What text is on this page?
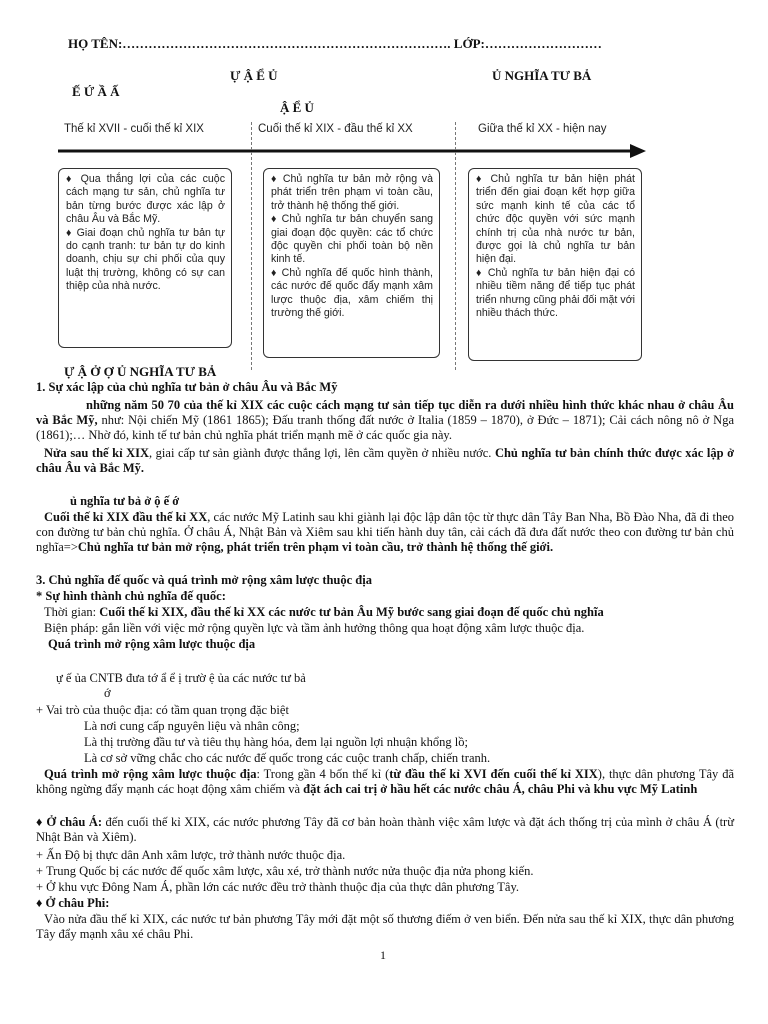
HỌ TÊN:…………………………………………………………………. LỚP:………………………
Ự Ậ Ể Ủ	Ủ NGHĨA TƯ BẢ
Ế Ứ Ầ Ấ
Ậ Ể Ủ
Thế kỉ XVII - cuối thế kỉ XIX	Cuối thế kỉ XIX - đầu thế kỉ XX	Giữa thế kỉ XX - hiện nay

♦ Qua thắng lợi của các cuộc cách mạng tư sản, chủ nghĩa tư bản từng bước được xác lập ở châu Âu và Bắc Mỹ.

♦ Giai đoạn chủ nghĩa tư bản tự do cạnh tranh: tư bản tự do kinh doanh, chịu sự chi phối của quy luật thị trường, không có sự can thiệp của nhà nước.

♦ Chủ nghĩa tư bản mở rộng và phát triển trên phạm vi toàn cầu, trở thành hệ thống thế giới.

♦ Chủ nghĩa tư bản chuyển sang giai đoạn độc quyền: các tổ chức độc quyền chi phối toàn bộ nền kinh tế.

♦ Chủ nghĩa đế quốc hình thành, các nước đế quốc đẩy mạnh xâm lược thuộc địa, xâm chiếm thị trường thế giới.

♦ Chủ nghĩa tư bản hiện phát triển đến giai đoạn kết hợp giữa sức mạnh kinh tế của các tổ chức độc quyền với sức mạnh chính trị của nhà nước tư bản, được gọi là chủ nghĩa tư bản hiện đại.

♦ Chủ nghĩa tư bản hiện đại có nhiều tiềm năng để tiếp tục phát triển nhưng cũng phải đối mặt với nhiều thách thức.

Ự Ậ Ở Ợ Ủ NGHĨA TƯ BẢ
1. Sự xác lập của chủ nghĩa tư bản ở châu Âu và Bắc Mỹ
những năm 50 70 của thế kỉ XIX các cuộc cách mạng tư sản tiếp tục diễn ra dưới nhiều hình thức khác nhau ở châu Âu và Bắc Mỹ, như: Nội chiến Mỹ (1861 1865); Đấu tranh thống đất nước ở Italia (1859 – 1870), ở Đức – 1871); Cải cách nông nô ở Nga (1861);… Nhờ đó, kinh tế tư bản chủ nghĩa phát triển mạnh mẽ ở các quốc gia này.
Nửa sau thế kỉ XIX, giai cấp tư sản giành được thắng lợi, lên cầm quyền ở nhiều nước. Chủ nghĩa tư bản chính thức được xác lập ở châu Âu và Bắc Mỹ.
ủ nghĩa tư bả ở ộ ế ớ
Cuối thế kỉ XIX đầu thế kỉ XX, các nước Mỹ Latinh sau khi giành lại độc lập dân tộc từ thực dân Tây Ban Nha, Bồ Đào Nha, đã đi theo con đường tư bản chủ nghĩa. Ở châu Á, Nhật Bản và Xiêm sau khi tiến hành duy tân, cải cách đã đưa đất nước theo con đường tư bản chủ nghĩa=>Chủ nghĩa tư bản mở rộng, phát triển trên phạm vi toàn cầu, trở thành hệ thống thế giới.
3. Chủ nghĩa đế quốc và quá trình mở rộng xâm lược thuộc địa
* Sự hình thành chủ nghĩa đế quốc:
Thời gian: Cuối thế kỉ XIX, đầu thế kỉ XX các nước tư bản Âu Mỹ bước sang giai đoạn đế quốc chủ nghĩa
Biện pháp: gắn liền với việc mở rộng quyền lực và tầm ảnh hưởng thông qua hoạt động xâm lược thuộc địa.
Quá trình mở rộng xâm lược thuộc địa
ự ế ủa CNTB đưa tớ ẩ ể ị trườ ệ ủa các nước tư bả
ớ
+ Vai trò của thuộc địa: có tầm quan trọng đặc biệt
Là nơi cung cấp nguyên liệu và nhân công;
Là thị trường đầu tư và tiêu thụ hàng hóa, đem lại nguồn lợi nhuận khổng lồ;
Là cơ sở vững chắc cho các nước đế quốc trong các cuộc tranh chấp, chiến tranh.
Quá trình mở rộng xâm lược thuộc địa: Trong gần 4 bốn thế kỉ (từ đầu thế kỉ XVI đến cuối thế kỉ XIX), thực dân phương Tây đã không ngừng đẩy mạnh các hoạt động xâm chiếm và đặt ách cai trị ở hầu hết các nước châu Á, châu Phi và khu vực Mỹ Latinh
♦ Ở châu Á: đến cuối thế kỉ XIX, các nước phương Tây đã cơ bản hoàn thành việc xâm lược và đặt ách thống trị của mình ở châu Á (trừ Nhật Bản và Xiêm).
+ Ấn Độ bị thực dân Anh xâm lược, trở thành nước thuộc địa.
+ Trung Quốc bị các nước đế quốc xâm lược, xâu xé, trở thành nước nửa thuộc địa nửa phong kiến.
+ Ở khu vực Đông Nam Á, phần lớn các nước đều trở thành thuộc địa của thực dân phương Tây.
♦ Ở châu Phi:
Vào nửa đầu thế kỉ XIX, các nước tư bản phương Tây mới đặt một số thương điếm ở ven biển. Đến nửa sau thế kỉ XIX, thực dân phương Tây đẩy mạnh xâu xé châu Phi.
1
